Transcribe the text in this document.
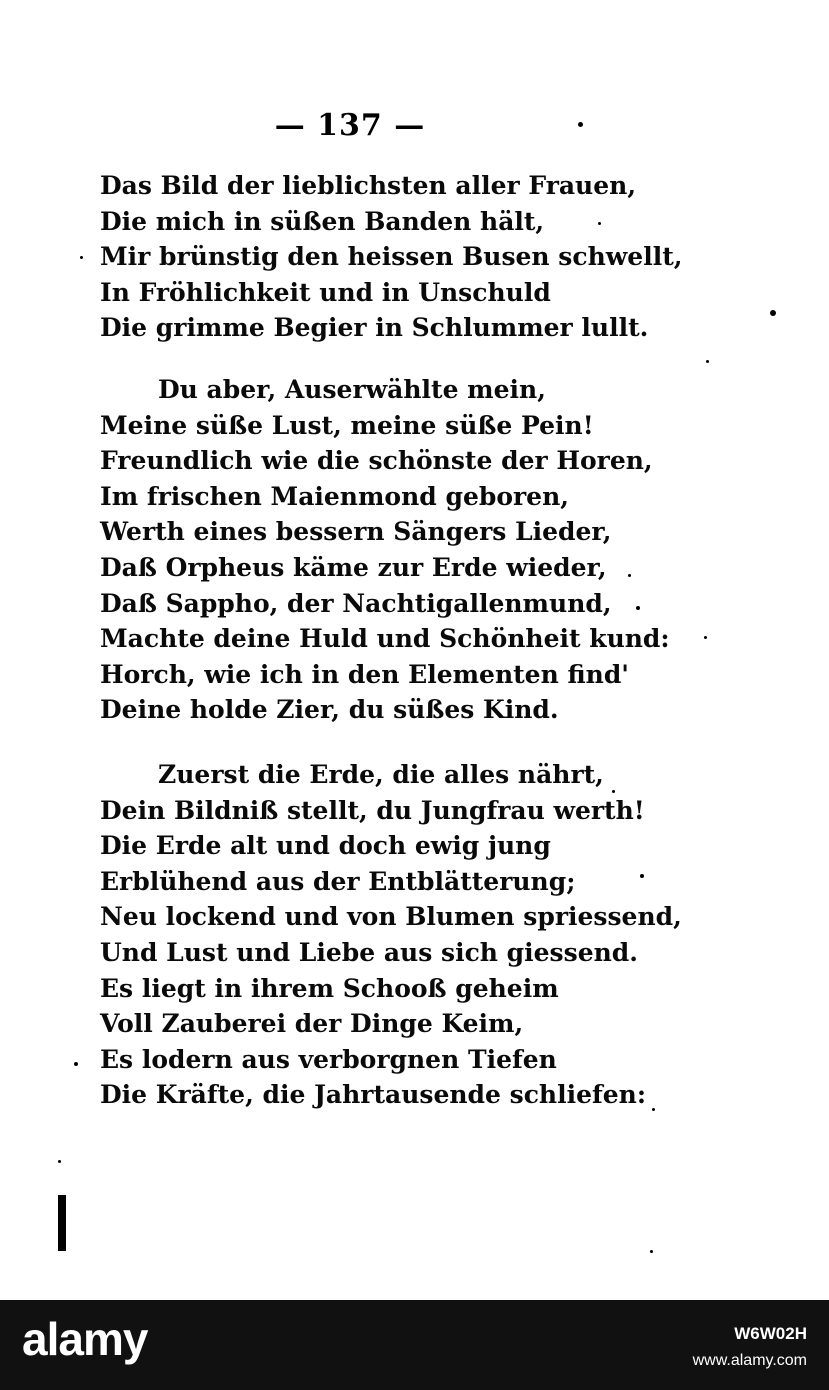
— 137 —
Das Bild der lieblichsten aller Frauen,
Die mich in süßen Banden hält,
Mir brünstig den heissen Busen schwellt,
In Fröhlichkeit und in Unschuld
Die grimme Begier in Schlummer lullt.
Du aber, Auserwählte mein,
Meine süße Lust, meine süße Pein!
Freundlich wie die schönste der Horen,
Im frischen Maienmond geboren,
Werth eines bessern Sängers Lieder,
Daß Orpheus käme zur Erde wieder,
Daß Sappho, der Nachtigallenmund,
Machte deine Huld und Schönheit kund:
Horch, wie ich in den Elementen find'
Deine holde Zier, du süßes Kind.
Zuerst die Erde, die alles nährt,
Dein Bildniß stellt, du Jungfrau werth!
Die Erde alt und doch ewig jung
Erblühend aus der Entblätterung;
Neu lockend und von Blumen spriessend,
Und Lust und Liebe aus sich giessend.
Es liegt in ihrem Schooß geheim
Voll Zauberei der Dinge Keim,
Es lodern aus verborgnen Tiefen
Die Kräfte, die Jahrtausende schliefen:
alamy	W6W02H
www.alamy.com
